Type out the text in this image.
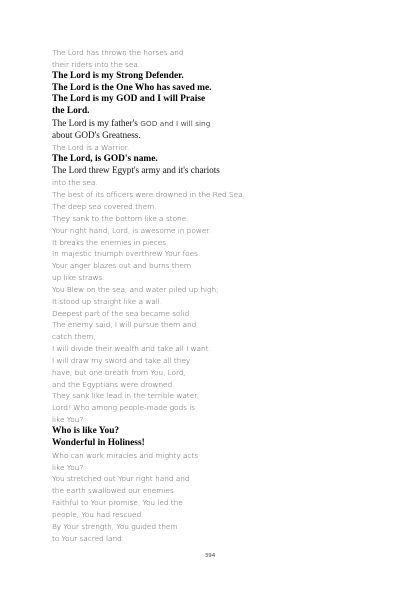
The Lord has thrown the horses and
their riders into the sea.
The Lord is my Strong Defender.
The Lord is the One Who has saved me.
The Lord is my GOD and I will Praise
the Lord.
The Lord is my father's GOD and I will sing
about GOD's Greatness.
The Lord is a Warrior.
The Lord, is GOD's name.
The Lord threw Egypt's army and it's chariots
into the sea.
The best of its officers were drowned in the Red Sea.
The deep sea covered them.
They sank to the bottom like a stone.
Your right hand, Lord, is awesome in power.
It breaks the enemies in pieces.
In majestic triumph overthrew Your foes.
Your anger blazes out and burns them
up like straws.
You Blew on the sea, and water piled up high;
It stood up straight like a wall.
Deepest part of the sea became solid.
The enemy said, I will pursue them and
catch them,
I will divide their wealth and take all I want.
I will draw my sword and take all they
have, but one breath from You, Lord,
and the Egyptians were drowned.
They sank like lead in the terrible water.
Lord! Who among people-made gods is
like You?
Who is like You?
Wonderful in Holiness!
Who can work miracles and mighty acts
like You?
You stretched out Your right hand and
the earth swallowed our enemies.
Faithful to Your promise, You led the
people, You had rescued.
By Your strength, You guided them
to Your sacred land.
394
